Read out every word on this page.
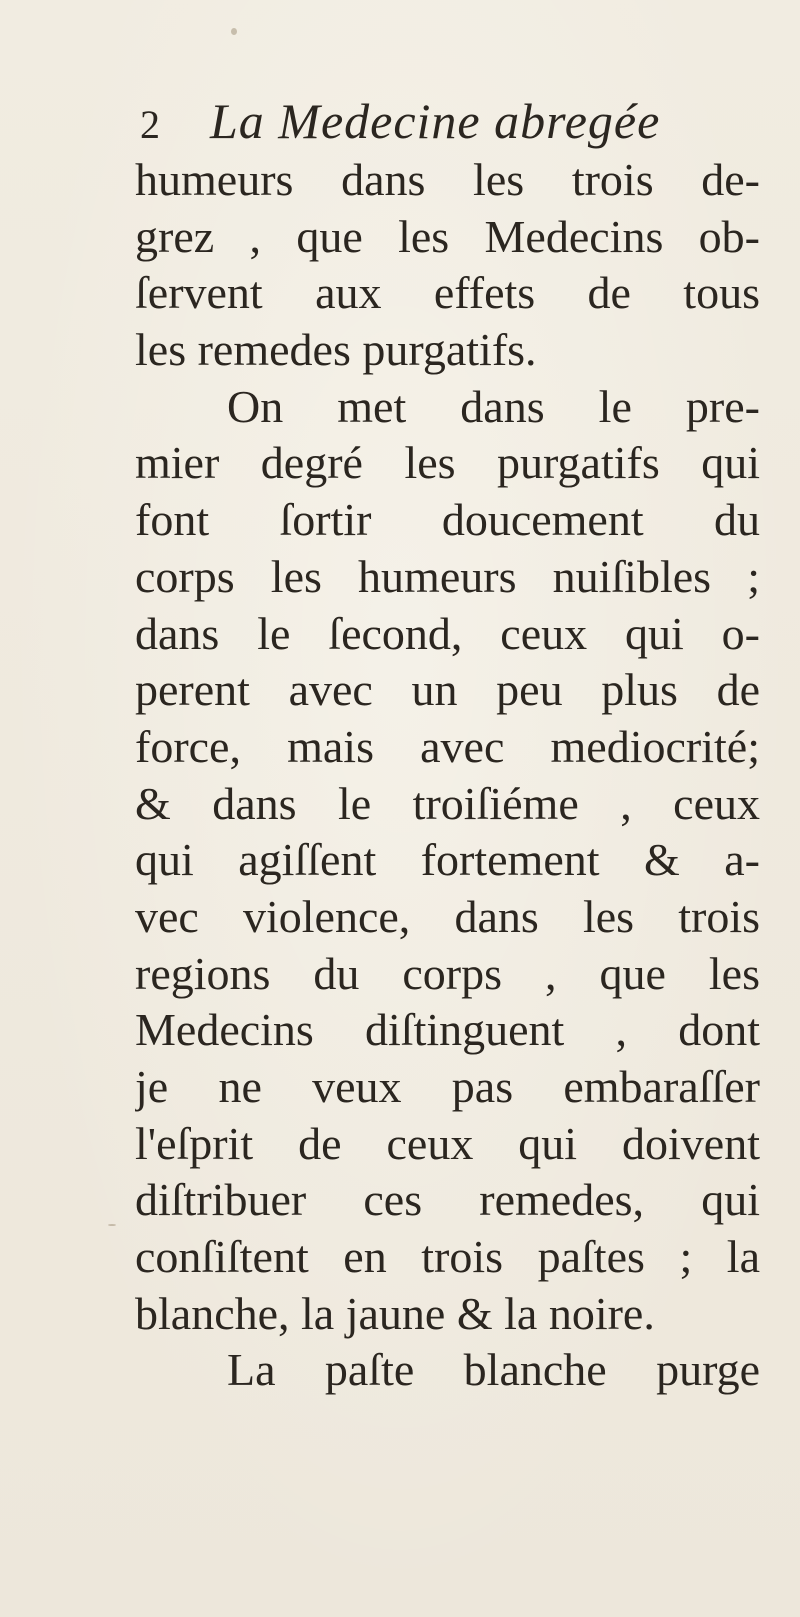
2	La Medecine abregée
humeurs dans les trois de-
grez , que les Medecins ob-
ſervent aux effets de tous
les remedes purgatifs.
On met dans le pre-
mier degré les purgatifs qui
font ſortir doucement du
corps les humeurs nuiſibles ;
dans le ſecond, ceux qui o-
perent avec un peu plus de
force, mais avec mediocrité;
& dans le troiſiéme , ceux
qui agiſſent fortement & a-
vec violence, dans les trois
regions du corps , que les
Medecins diſtinguent , dont
je ne veux pas embaraſſer
l'eſprit de ceux qui doivent
diſtribuer ces remedes, qui
conſiſtent en trois paſtes ; la
blanche, la jaune & la noire.
La paſte blanche purge
